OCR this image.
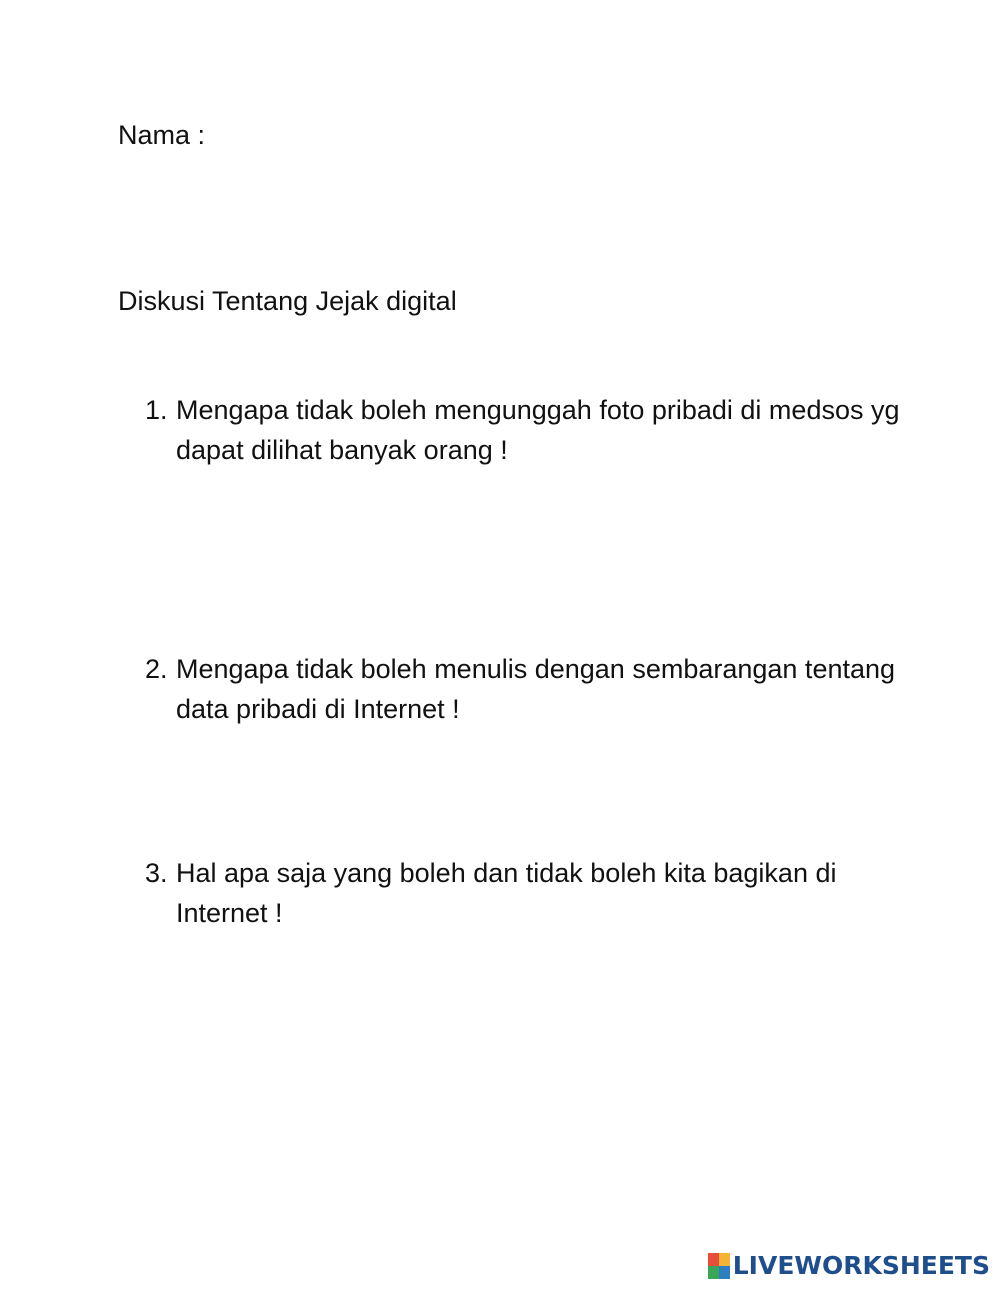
Nama :
Diskusi Tentang Jejak digital
1. Mengapa tidak boleh mengunggah foto pribadi di medsos yg dapat dilihat banyak orang !
2. Mengapa tidak boleh menulis dengan sembarangan tentang data pribadi di Internet !
3. Hal apa saja yang boleh dan tidak boleh kita bagikan di Internet !
LIVEWORKSHEETS
